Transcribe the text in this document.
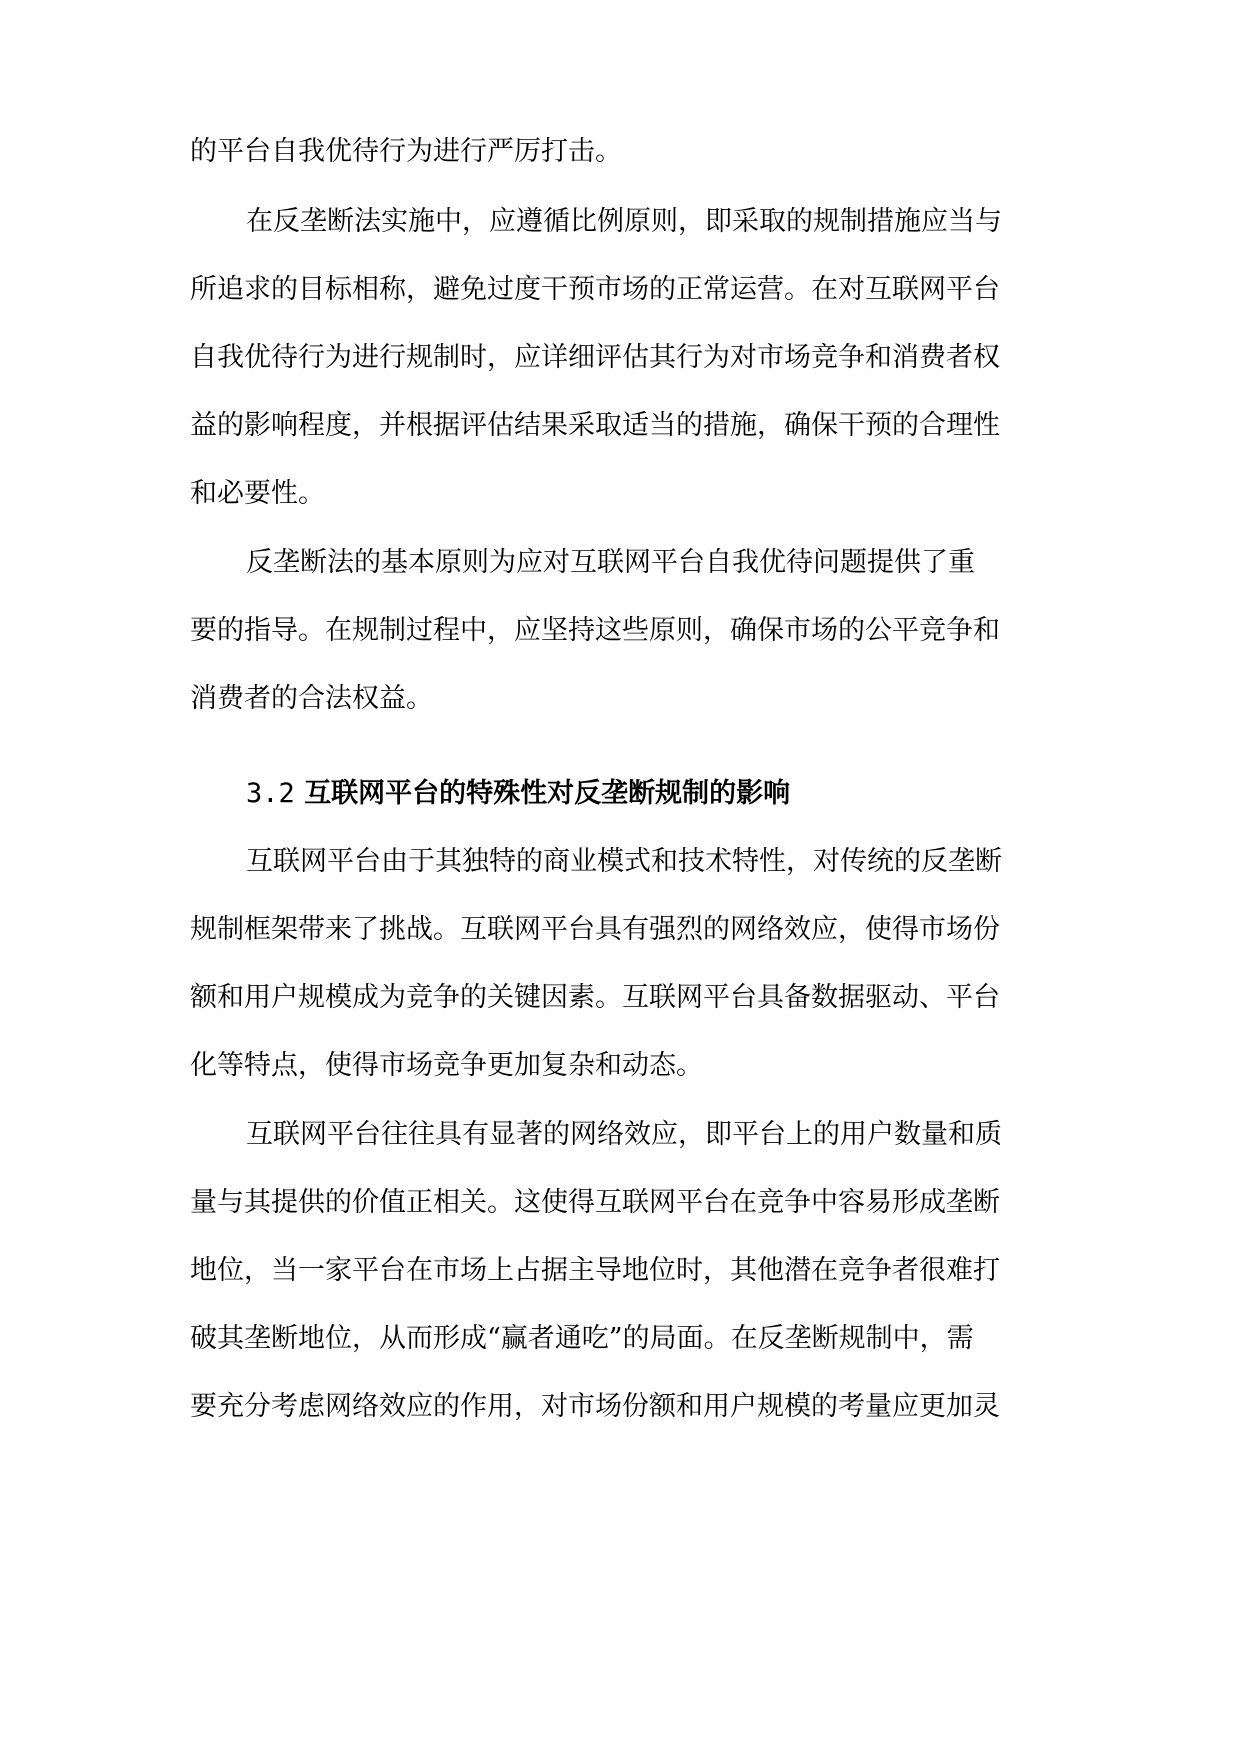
的平台自我优待行为进行严厉打击。

在反垄断法实施中，应遵循比例原则，即采取的规制措施应当与

所追求的目标相称，避免过度干预市场的正常运营。在对互联网平台

自我优待行为进行规制时，应详细评估其行为对市场竞争和消费者权

益的影响程度，并根据评估结果采取适当的措施，确保干预的合理性

和必要性。

反垄断法的基本原则为应对互联网平台自我优待问题提供了重

要的指导。在规制过程中，应坚持这些原则，确保市场的公平竞争和

消费者的合法权益。

3.2 互联网平台的特殊性对反垄断规制的影响

互联网平台由于其独特的商业模式和技术特性，对传统的反垄断

规制框架带来了挑战。互联网平台具有强烈的网络效应，使得市场份

额和用户规模成为竞争的关键因素。互联网平台具备数据驱动、平台

化等特点，使得市场竞争更加复杂和动态。

互联网平台往往具有显著的网络效应，即平台上的用户数量和质

量与其提供的价值正相关。这使得互联网平台在竞争中容易形成垄断

地位，当一家平台在市场上占据主导地位时，其他潜在竞争者很难打

破其垄断地位，从而形成“赢者通吃”的局面。在反垄断规制中，需

要充分考虑网络效应的作用，对市场份额和用户规模的考量应更加灵
